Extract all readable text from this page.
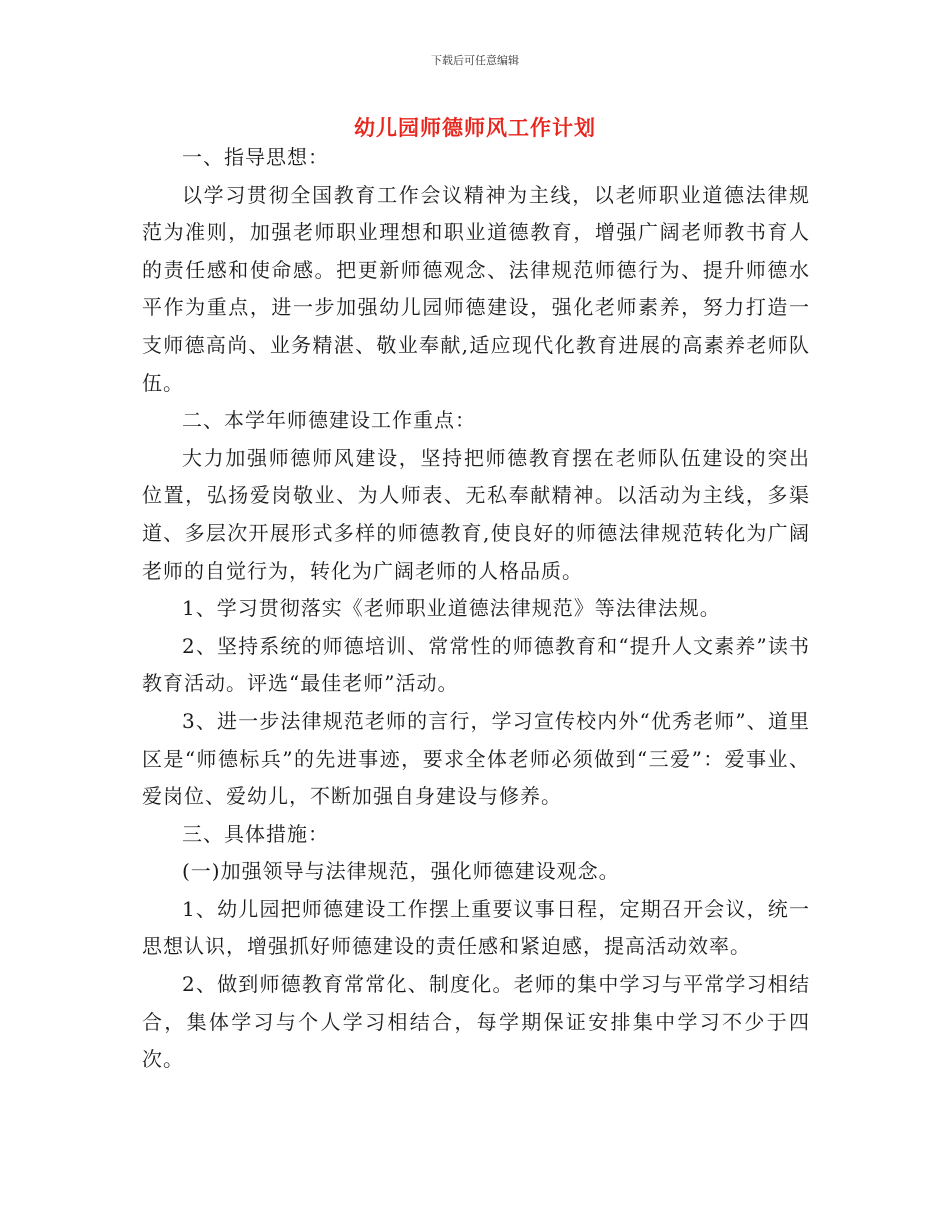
下载后可任意编辑
幼儿园师德师风工作计划

一、指导思想：

以学习贯彻全国教育工作会议精神为主线，以老师职业道德法律规范为准则，加强老师职业理想和职业道德教育，增强广阔老师教书育人的责任感和使命感。把更新师德观念、法律规范师德行为、提升师德水平作为重点，进一步加强幼儿园师德建设，强化老师素养，努力打造一支师德高尚、业务精湛、敬业奉献,适应现代化教育进展的高素养老师队伍。

二、本学年师德建设工作重点：

大力加强师德师风建设，坚持把师德教育摆在老师队伍建设的突出位置，弘扬爱岗敬业、为人师表、无私奉献精神。以活动为主线，多渠道、多层次开展形式多样的师德教育,使良好的师德法律规范转化为广阔老师的自觉行为，转化为广阔老师的人格品质。

1、学习贯彻落实《老师职业道德法律规范》等法律法规。

2、坚持系统的师德培训、常常性的师德教育和“提升人文素养”读书教育活动。评选“最佳老师”活动。

3、进一步法律规范老师的言行，学习宣传校内外“优秀老师”、道里区是“师德标兵”的先进事迹，要求全体老师必须做到“三爱”：爱事业、爱岗位、爱幼儿，不断加强自身建设与修养。

三、具体措施：

(一)加强领导与法律规范，强化师德建设观念。

1、幼儿园把师德建设工作摆上重要议事日程，定期召开会议，统一思想认识，增强抓好师德建设的责任感和紧迫感，提高活动效率。

2、做到师德教育常常化、制度化。老师的集中学习与平常学习相结合，集体学习与个人学习相结合，每学期保证安排集中学习不少于四次。
